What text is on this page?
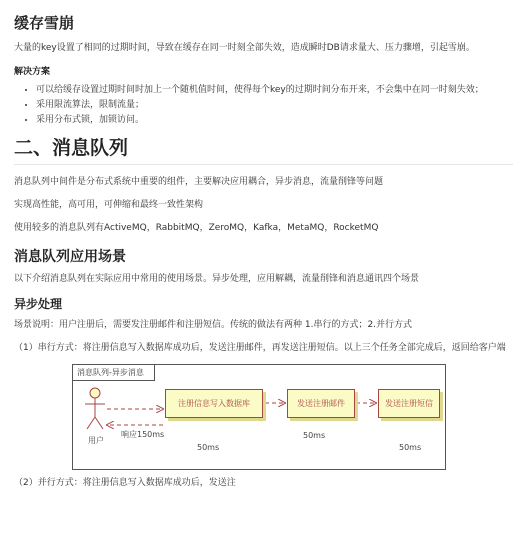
缓存雪崩

大量的key设置了相同的过期时间，导致在缓存在同一时刻全部失效，造成瞬时DB请求量大、压力骤增，引起雪崩。

解决方案
• 可以给缓存设置过期时间时加上一个随机值时间，使得每个key的过期时间分布开来，不会集中在同一时刻失效；
• 采用限流算法，限制流量；
• 采用分布式锁，加锁访问。
二、消息队列

消息队列中间件是分布式系统中重要的组件，主要解决应用耦合，异步消息，流量削锋等问题

实现高性能，高可用，可伸缩和最终一致性架构

使用较多的消息队列有ActiveMQ，RabbitMQ，ZeroMQ，Kafka，MetaMQ，RocketMQ

消息队列应用场景

以下介绍消息队列在实际应用中常用的使用场景。异步处理，应用解耦，流量削锋和消息通讯四个场景

异步处理

场景说明：用户注册后，需要发注册邮件和注册短信。传统的做法有两种 1.串行的方式；2.并行方式

（1）串行方式：将注册信息写入数据库成功后，发送注册邮件，再发送注册短信。以上三个任务全部完成后，返回给客户端

消息队列-异步消息
注册信息写入数据库	发送注册邮件	发送注册短信
用户
响应150ms
50ms
50ms
50ms

（2）并行方式：将注册信息写入数据库成功后，发送注
